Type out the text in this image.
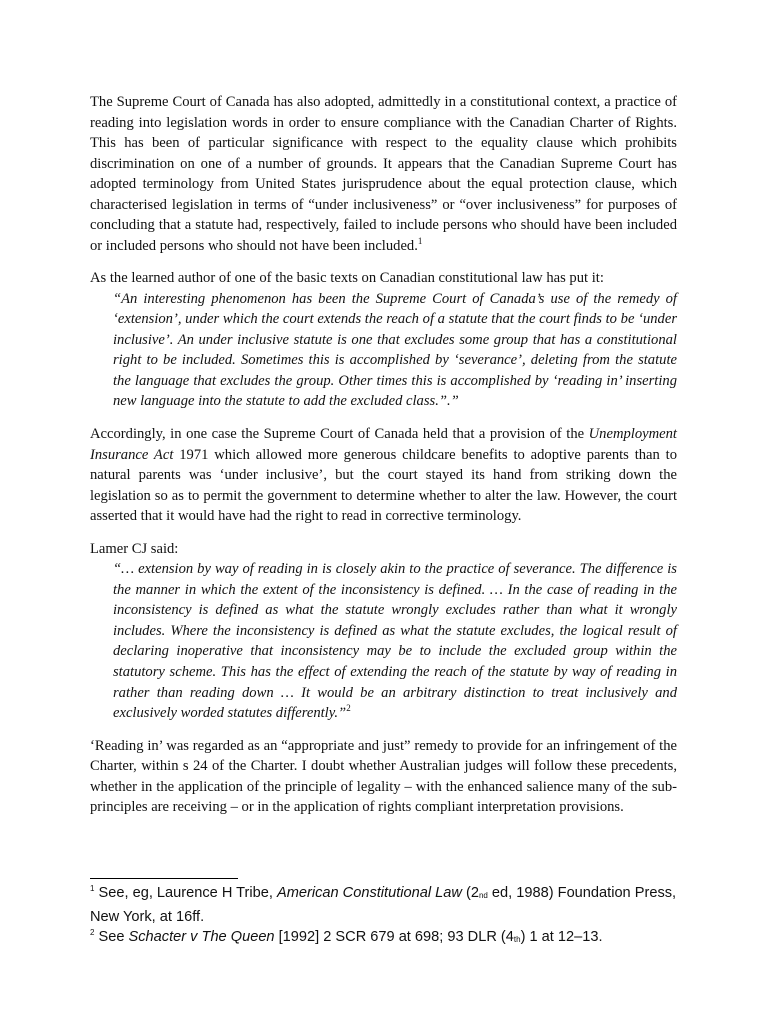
The Supreme Court of Canada has also adopted, admittedly in a constitutional context, a practice of reading into legislation words in order to ensure compliance with the Canadian Charter of Rights. This has been of particular significance with respect to the equality clause which prohibits discrimination on one of a number of grounds. It appears that the Canadian Supreme Court has adopted terminology from United States jurisprudence about the equal protection clause, which characterised legislation in terms of “under inclusiveness” or “over inclusiveness” for purposes of concluding that a statute had, respectively, failed to include persons who should have been included or included persons who should not have been included.$^1$

As the learned author of one of the basic texts on Canadian constitutional law has put it:

“An interesting phenomenon has been the Supreme Court of Canada’s use of the remedy of ‘extension’, under which the court extends the reach of a statute that the court finds to be ‘under inclusive’. An under inclusive statute is one that excludes some group that has a constitutional right to be included. Sometimes this is accomplished by ‘severance’, deleting from the statute the language that excludes the group. Other times this is accomplished by ‘reading in’ inserting new language into the statute to add the excluded class.”.”

Accordingly, in one case the Supreme Court of Canada held that a provision of the Unemployment Insurance Act 1971 which allowed more generous childcare benefits to adoptive parents than to natural parents was ‘under inclusive’, but the court stayed its hand from striking down the legislation so as to permit the government to determine whether to alter the law. However, the court asserted that it would have had the right to read in corrective terminology.

Lamer CJ said:

“… extension by way of reading in is closely akin to the practice of severance. The difference is the manner in which the extent of the inconsistency is defined. … In the case of reading in the inconsistency is defined as what the statute wrongly excludes rather than what it wrongly includes. Where the inconsistency is defined as what the statute excludes, the logical result of declaring inoperative that inconsistency may be to include the excluded group within the statutory scheme. This has the effect of extending the reach of the statute by way of reading in rather than reading down … It would be an arbitrary distinction to treat inclusively and exclusively worded statutes differently.”$^2$

‘Reading in’ was regarded as an “appropriate and just” remedy to provide for an infringement of the Charter, within s 24 of the Charter. I doubt whether Australian judges will follow these precedents, whether in the application of the principle of legality – with the enhanced salience many of the sub-principles are receiving – or in the application of rights compliant interpretation provisions.

$^1$ See, eg, Laurence H Tribe, American Constitutional Law (2nd ed, 1988) Foundation Press, New York, at 16ff.

$^2$ See Schacter v The Queen [1992] 2 SCR 679 at 698; 93 DLR (4th) 1 at 12–13.
